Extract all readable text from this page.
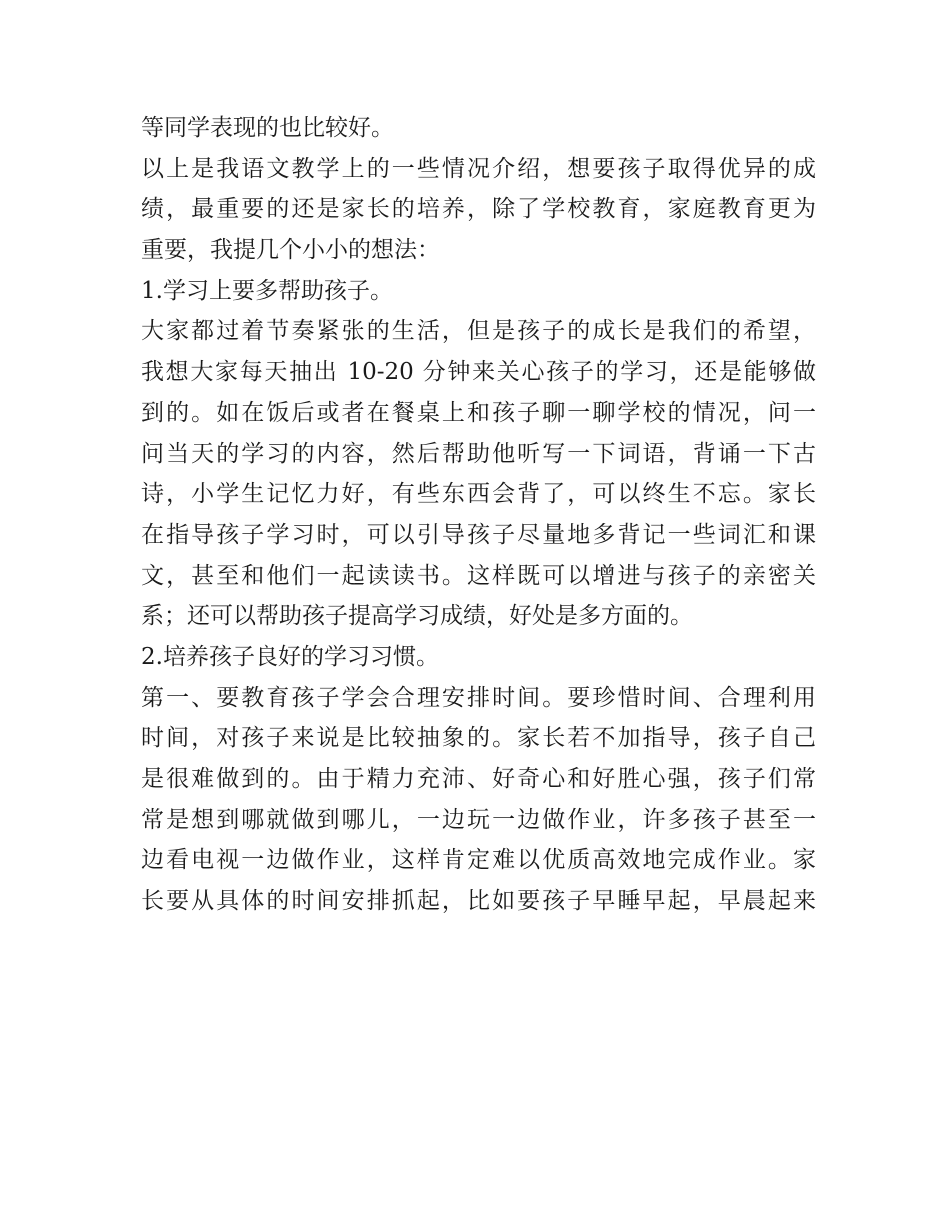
等同学表现的也比较好。
以上是我语文教学上的一些情况介绍，想要孩子取得优异的成
绩，最重要的还是家长的培养，除了学校教育，家庭教育更为
重要，我提几个小小的想法：
1.学习上要多帮助孩子。
大家都过着节奏紧张的生活，但是孩子的成长是我们的希望，
我想大家每天抽出 10-20 分钟来关心孩子的学习，还是能够做
到的。如在饭后或者在餐桌上和孩子聊一聊学校的情况，问一
问当天的学习的内容，然后帮助他听写一下词语，背诵一下古
诗，小学生记忆力好，有些东西会背了，可以终生不忘。家长
在指导孩子学习时，可以引导孩子尽量地多背记一些词汇和课
文，甚至和他们一起读读书。这样既可以增进与孩子的亲密关
系；还可以帮助孩子提高学习成绩，好处是多方面的。
2.培养孩子良好的学习习惯。
第一、要教育孩子学会合理安排时间。要珍惜时间、合理利用
时间，对孩子来说是比较抽象的。家长若不加指导，孩子自己
是很难做到的。由于精力充沛、好奇心和好胜心强，孩子们常
常是想到哪就做到哪儿，一边玩一边做作业，许多孩子甚至一
边看电视一边做作业，这样肯定难以优质高效地完成作业。家
长要从具体的时间安排抓起，比如要孩子早睡早起，早晨起来
